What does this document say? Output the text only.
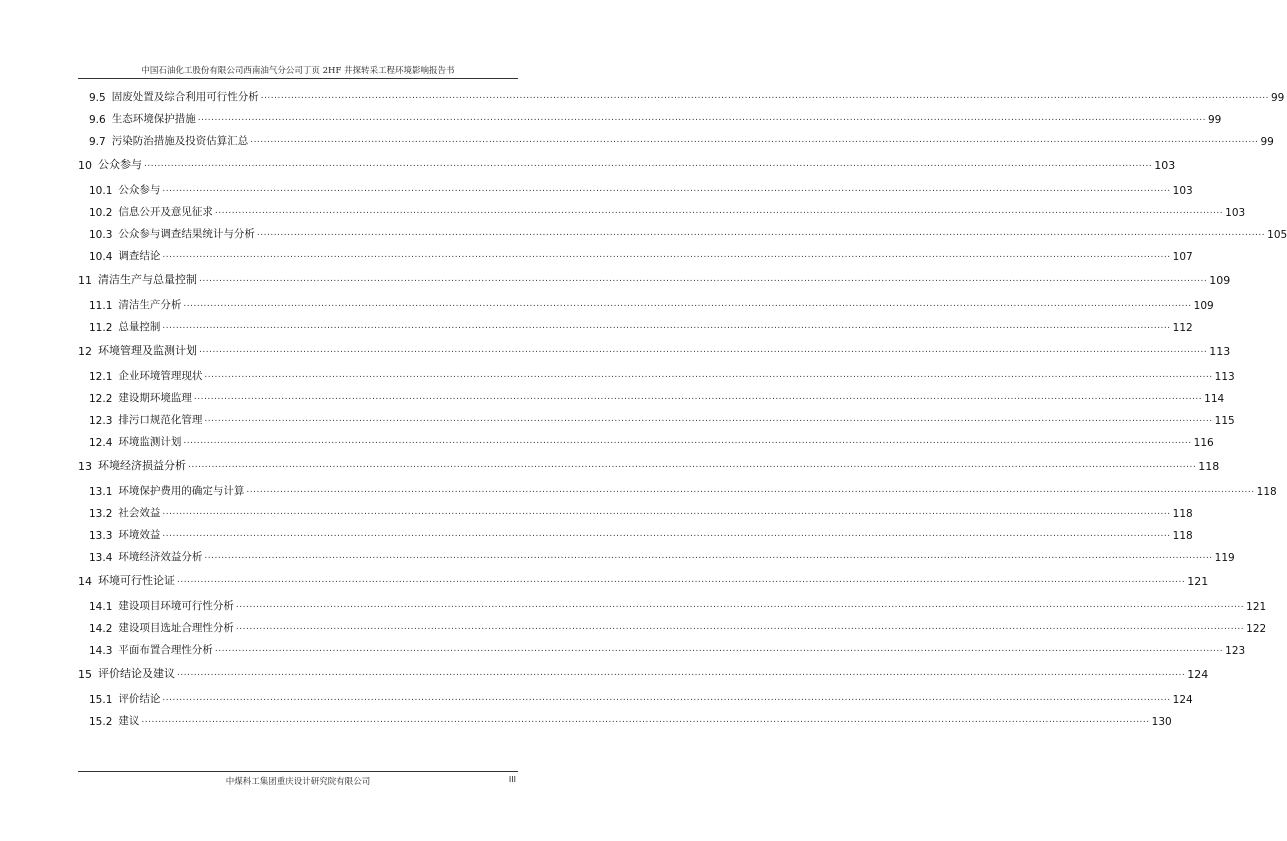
中国石油化工股份有限公司西南油气分公司丁页 2HF 井探转采工程环境影响报告书
9.5 固废处置及综合利用可行性分析 ............................................................................................................................................................................................................................................................................................................ 99
9.6 生态环境保护措施 ............................................................................................................................................................................................................................................................................................................ 99
9.7 污染防治措施及投资估算汇总 ............................................................................................................................................................................................................................................................................................................ 99
10 公众参与 ............................................................................................................................................................................................................................................................................................................ 103
10.1 公众参与 ............................................................................................................................................................................................................................................................................................................ 103
10.2 信息公开及意见征求 ............................................................................................................................................................................................................................................................................................................ 103
10.3 公众参与调查结果统计与分析 ............................................................................................................................................................................................................................................................................................................ 105
10.4 调查结论 ............................................................................................................................................................................................................................................................................................................ 107
11 清洁生产与总量控制 ............................................................................................................................................................................................................................................................................................................ 109
11.1 清洁生产分析 ............................................................................................................................................................................................................................................................................................................ 109
11.2 总量控制 ............................................................................................................................................................................................................................................................................................................ 112
12 环境管理及监测计划 ............................................................................................................................................................................................................................................................................................................ 113
12.1 企业环境管理现状 ............................................................................................................................................................................................................................................................................................................ 113
12.2 建设期环境监理 ............................................................................................................................................................................................................................................................................................................ 114
12.3 排污口规范化管理 ............................................................................................................................................................................................................................................................................................................ 115
12.4 环境监测计划 ............................................................................................................................................................................................................................................................................................................ 116
13 环境经济损益分析 ............................................................................................................................................................................................................................................................................................................ 118
13.1 环境保护费用的确定与计算 ............................................................................................................................................................................................................................................................................................................ 118
13.2 社会效益 ............................................................................................................................................................................................................................................................................................................ 118
13.3 环境效益 ............................................................................................................................................................................................................................................................................................................ 118
13.4 环境经济效益分析 ............................................................................................................................................................................................................................................................................................................ 119
14 环境可行性论证 ............................................................................................................................................................................................................................................................................................................ 121
14.1 建设项目环境可行性分析 ............................................................................................................................................................................................................................................................................................................ 121
14.2 建设项目选址合理性分析 ............................................................................................................................................................................................................................................................................................................ 122
14.3 平面布置合理性分析 ............................................................................................................................................................................................................................................................................................................ 123
15 评价结论及建议 ............................................................................................................................................................................................................................................................................................................ 124
15.1 评价结论 ............................................................................................................................................................................................................................................................................................................ 124
15.2 建议 ............................................................................................................................................................................................................................................................................................................ 130
中煤科工集团重庆设计研究院有限公司	III
